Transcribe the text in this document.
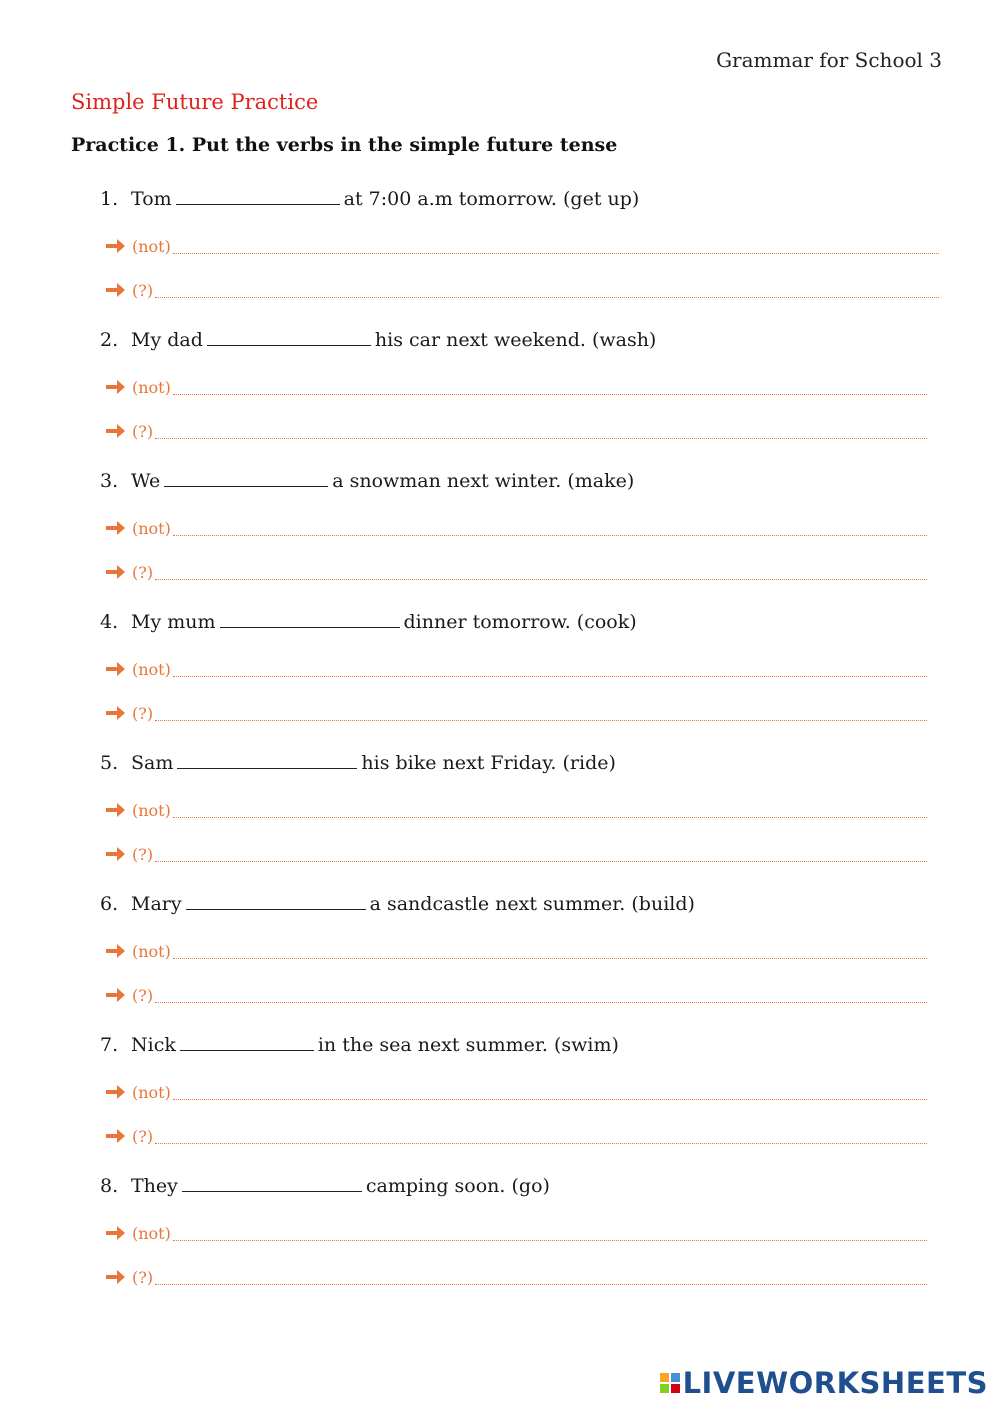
Grammar for School 3
Simple Future Practice
Practice 1. Put the verbs in the simple future tense
1. Tom	at 7:00 a.m tomorrow. (get up)
(not)
(?)
2. My dad	his car next weekend. (wash)
(not)
(?)
3. We	a snowman next winter. (make)
(not)
(?)
4. My mum	dinner tomorrow. (cook)
(not)
(?)
5. Sam	his bike next Friday. (ride)
(not)
(?)
6. Mary	a sandcastle next summer. (build)
(not)
(?)
7. Nick	in the sea next summer. (swim)
(not)
(?)
8. They	camping soon. (go)
(not)
(?)
LIVEWORKSHEETS
